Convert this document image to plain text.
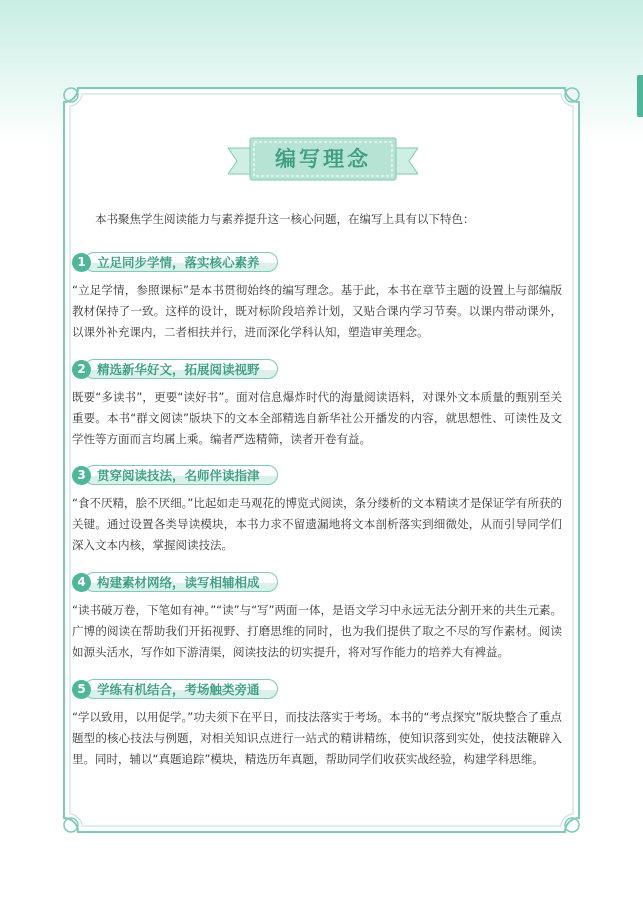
编写理念
本书聚焦学生阅读能力与素养提升这一核心问题，在编写上具有以下特色：
1 立足同步学情，落实核心素养
“立足学情，参照课标”是本书贯彻始终的编写理念。基于此，本书在章节主题的设置上与部编版教材保持了一致。这样的设计，既对标阶段培养计划，又贴合课内学习节奏。以课内带动课外，以课外补充课内，二者相扶并行，进而深化学科认知，塑造审美理念。
2 精选新华好文，拓展阅读视野
既要“多读书”，更要“读好书”。面对信息爆炸时代的海量阅读语料，对课外文本质量的甄别至关重要。本书“群文阅读”版块下的文本全部精选自新华社公开播发的内容，就思想性、可读性及文学性等方面而言均属上乘。编者严选精筛，读者开卷有益。
3 贯穿阅读技法，名师伴读指津
“食不厌精，脍不厌细。”比起如走马观花的博览式阅读，条分缕析的文本精读才是保证学有所获的关键。通过设置各类导读模块，本书力求不留遗漏地将文本剖析落实到细微处，从而引导同学们深入文本内核，掌握阅读技法。
4 构建素材网络，读写相辅相成
“读书破万卷，下笔如有神。”“读”与“写”两面一体，是语文学习中永远无法分割开来的共生元素。广博的阅读在帮助我们开拓视野、打磨思维的同时，也为我们提供了取之不尽的写作素材。阅读如源头活水，写作如下游清渠，阅读技法的切实提升，将对写作能力的培养大有裨益。
5 学练有机结合，考场触类旁通
“学以致用，以用促学。”功夫须下在平日，而技法落实于考场。本书的“考点探究”版块整合了重点题型的核心技法与例题，对相关知识点进行一站式的精讲精练，使知识落到实处，使技法鞭辟入里。同时，辅以“真题追踪”模块，精选历年真题，帮助同学们收获实战经验，构建学科思维。
